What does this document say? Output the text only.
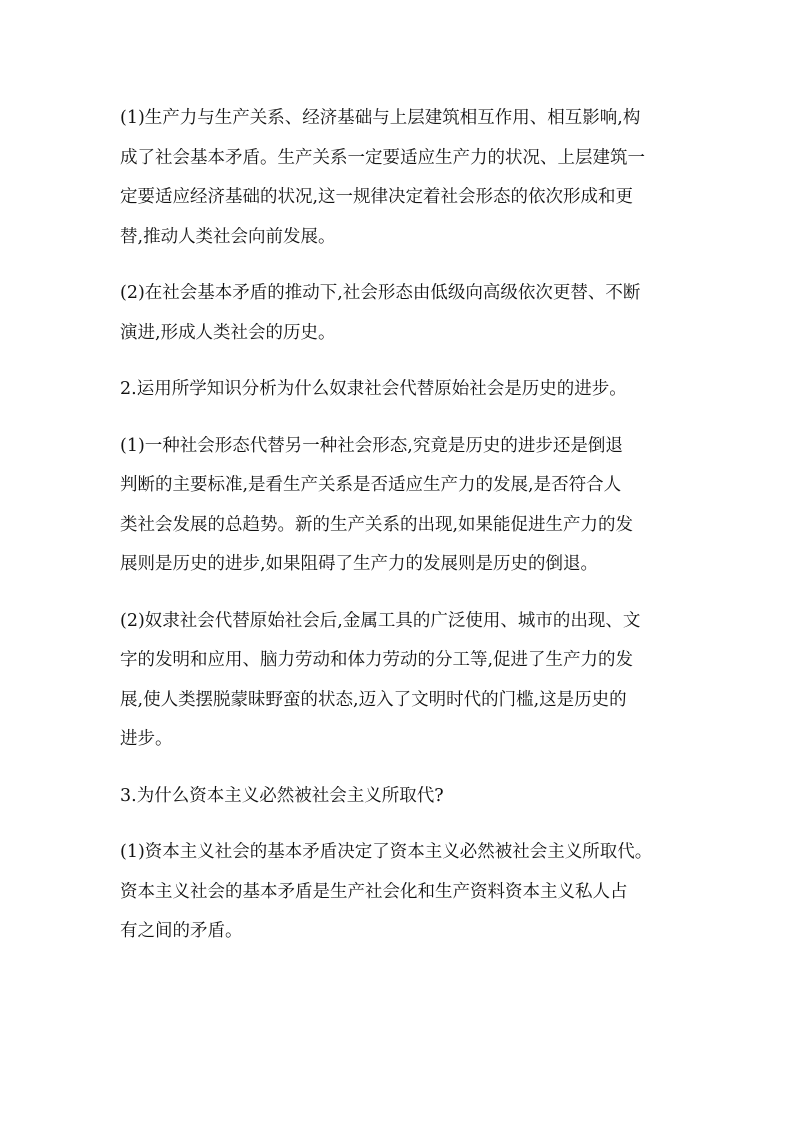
(1)生产力与生产关系、经济基础与上层建筑相互作用、相互影响,构
成了社会基本矛盾。生产关系一定要适应生产力的状况、上层建筑一
定要适应经济基础的状况,这一规律决定着社会形态的依次形成和更
替,推动人类社会向前发展。
(2)在社会基本矛盾的推动下,社会形态由低级向高级依次更替、不断
演进,形成人类社会的历史。
2.运用所学知识分析为什么奴隶社会代替原始社会是历史的进步。
(1)一种社会形态代替另一种社会形态,究竟是历史的进步还是倒退
判断的主要标准,是看生产关系是否适应生产力的发展,是否符合人
类社会发展的总趋势。新的生产关系的出现,如果能促进生产力的发
展则是历史的进步,如果阻碍了生产力的发展则是历史的倒退。
(2)奴隶社会代替原始社会后,金属工具的广泛使用、城市的出现、文
字的发明和应用、脑力劳动和体力劳动的分工等,促进了生产力的发
展,使人类摆脱蒙昧野蛮的状态,迈入了文明时代的门槛,这是历史的
进步。
3.为什么资本主义必然被社会主义所取代?
(1)资本主义社会的基本矛盾决定了资本主义必然被社会主义所取代。
资本主义社会的基本矛盾是生产社会化和生产资料资本主义私人占
有之间的矛盾。
